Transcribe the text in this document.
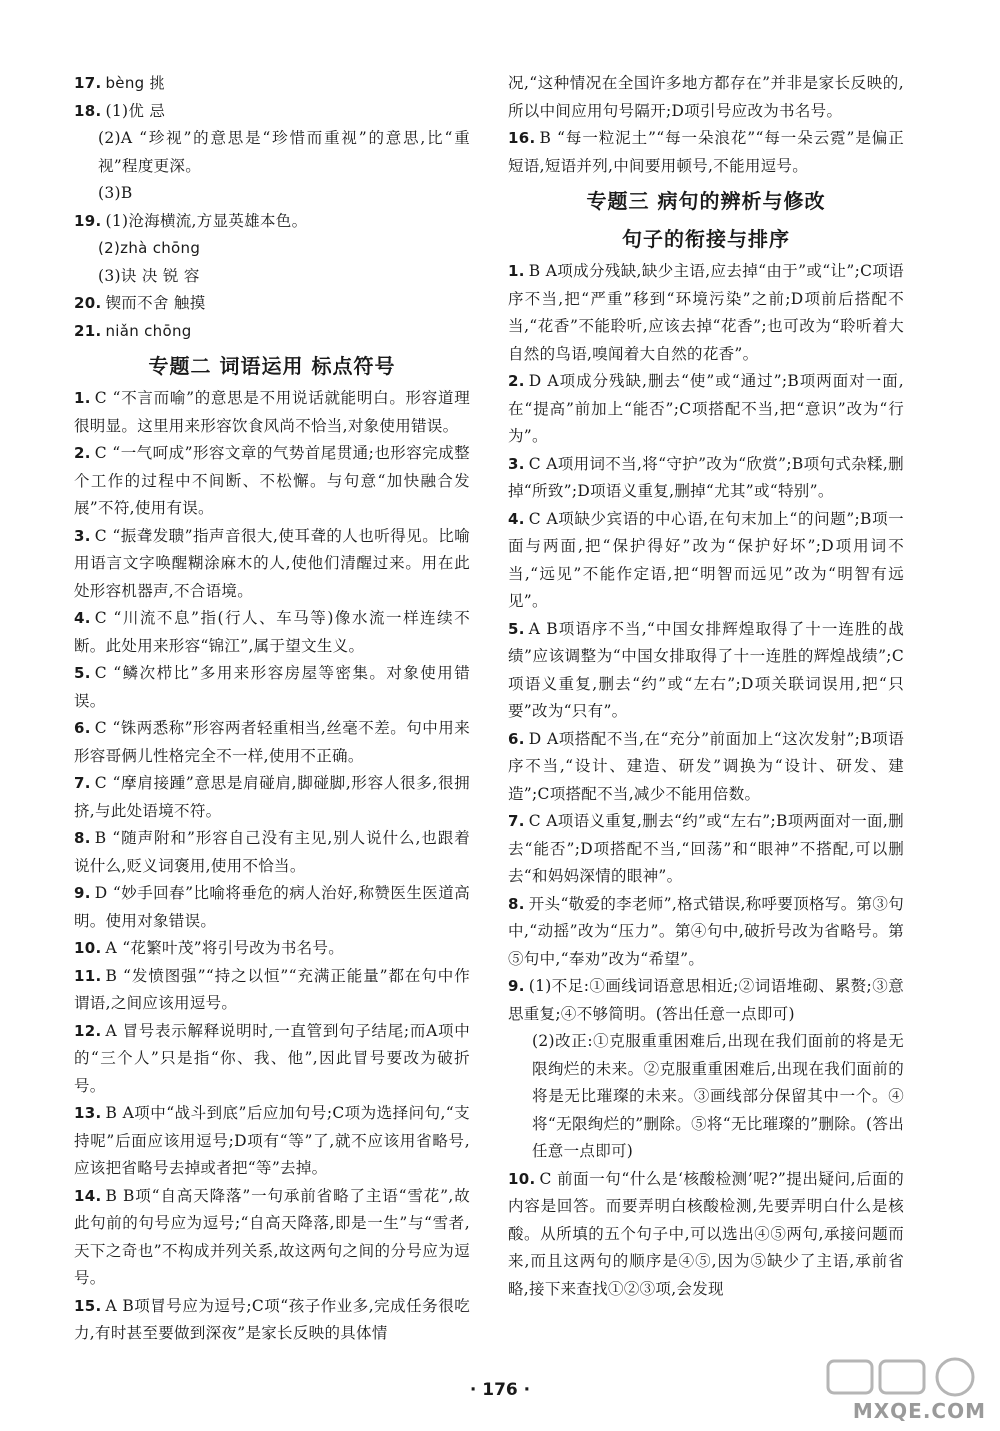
17. bèng 挑

18. (1)优 忌

(2)A “珍视”的意思是“珍惜而重视”的意思,比“重视”程度更深。

(3)B

19. (1)沧海横流,方显英雄本色。

(2)zhà chōng

(3)诀 决 锐 容

20. 锲而不舍 触摸

21. niǎn chōng

专题二 词语运用 标点符号

1. C “不言而喻”的意思是不用说话就能明白。形容道理很明显。这里用来形容饮食风尚不恰当,对象使用错误。

2. C “一气呵成”形容文章的气势首尾贯通;也形容完成整个工作的过程中不间断、不松懈。与句意“加快融合发展”不符,使用有误。

3. C “振聋发聩”指声音很大,使耳聋的人也听得见。比喻用语言文字唤醒糊涂麻木的人,使他们清醒过来。用在此处形容机器声,不合语境。

4. C “川流不息”指(行人、车马等)像水流一样连续不断。此处用来形容“锦江”,属于望文生义。

5. C “鳞次栉比”多用来形容房屋等密集。对象使用错误。

6. C “铢两悉称”形容两者轻重相当,丝毫不差。句中用来形容哥俩儿性格完全不一样,使用不正确。

7. C “摩肩接踵”意思是肩碰肩,脚碰脚,形容人很多,很拥挤,与此处语境不符。

8. B “随声附和”形容自己没有主见,别人说什么,也跟着说什么,贬义词褒用,使用不恰当。

9. D “妙手回春”比喻将垂危的病人治好,称赞医生医道高明。使用对象错误。

10. A “花繁叶茂”将引号改为书名号。

11. B “发愤图强”“持之以恒”“充满正能量”都在句中作谓语,之间应该用逗号。

12. A 冒号表示解释说明时,一直管到句子结尾;而A项中的“三个人”只是指“你、我、他”,因此冒号要改为破折号。

13. B A项中“战斗到底”后应加句号;C项为选择问句,“支持呢”后面应该用逗号;D项有“等”了,就不应该用省略号,应该把省略号去掉或者把“等”去掉。

14. B B项“自高天降落”一句承前省略了主语“雪花”,故此句前的句号应为逗号;“自高天降落,即是一生”与“雪者,天下之奇也”不构成并列关系,故这两句之间的分号应为逗号。

15. A B项冒号应为逗号;C项“孩子作业多,完成任务很吃力,有时甚至要做到深夜”是家长反映的具体情

况,“这种情况在全国许多地方都存在”并非是家长反映的,所以中间应用句号隔开;D项引号应改为书名号。

16. B “每一粒泥土”“每一朵浪花”“每一朵云霓”是偏正短语,短语并列,中间要用顿号,不能用逗号。

专题三 病句的辨析与修改
句子的衔接与排序

1. B A项成分残缺,缺少主语,应去掉“由于”或“让”;C项语序不当,把“严重”移到“环境污染”之前;D项前后搭配不当,“花香”不能聆听,应该去掉“花香”;也可改为“聆听着大自然的鸟语,嗅闻着大自然的花香”。

2. D A项成分残缺,删去“使”或“通过”;B项两面对一面,在“提高”前加上“能否”;C项搭配不当,把“意识”改为“行为”。

3. C A项用词不当,将“守护”改为“欣赏”;B项句式杂糅,删掉“所致”;D项语义重复,删掉“尤其”或“特别”。

4. C A项缺少宾语的中心语,在句末加上“的问题”;B项一面与两面,把“保护得好”改为“保护好坏”;D项用词不当,“远见”不能作定语,把“明智而远见”改为“明智有远见”。

5. A B项语序不当,“中国女排辉煌取得了十一连胜的战绩”应该调整为“中国女排取得了十一连胜的辉煌战绩”;C项语义重复,删去“约”或“左右”;D项关联词误用,把“只要”改为“只有”。

6. D A项搭配不当,在“充分”前面加上“这次发射”;B项语序不当,“设计、建造、研发”调换为“设计、研发、建造”;C项搭配不当,减少不能用倍数。

7. C A项语义重复,删去“约”或“左右”;B项两面对一面,删去“能否”;D项搭配不当,“回荡”和“眼神”不搭配,可以删去“和妈妈深情的眼神”。

8. 开头“敬爱的李老师”,格式错误,称呼要顶格写。第③句中,“动摇”改为“压力”。第④句中,破折号改为省略号。第⑤句中,“奉劝”改为“希望”。

9. (1)不足:①画线词语意思相近;②词语堆砌、累赘;③意思重复;④不够简明。(答出任意一点即可)

(2)改正:①克服重重困难后,出现在我们面前的将是无限绚烂的未来。②克服重重困难后,出现在我们面前的将是无比璀璨的未来。③画线部分保留其中一个。④将“无限绚烂的”删除。⑤将“无比璀璨的”删除。(答出任意一点即可)

10. C 前面一句“什么是‘核酸检测’呢?”提出疑问,后面的内容是回答。而要弄明白核酸检测,先要弄明白什么是核酸。从所填的五个句子中,可以选出④⑤两句,承接问题而来,而且这两句的顺序是④⑤,因为⑤缺少了主语,承前省略,接下来查找①②③项,会发现

· 176 ·
MXQE.COM
